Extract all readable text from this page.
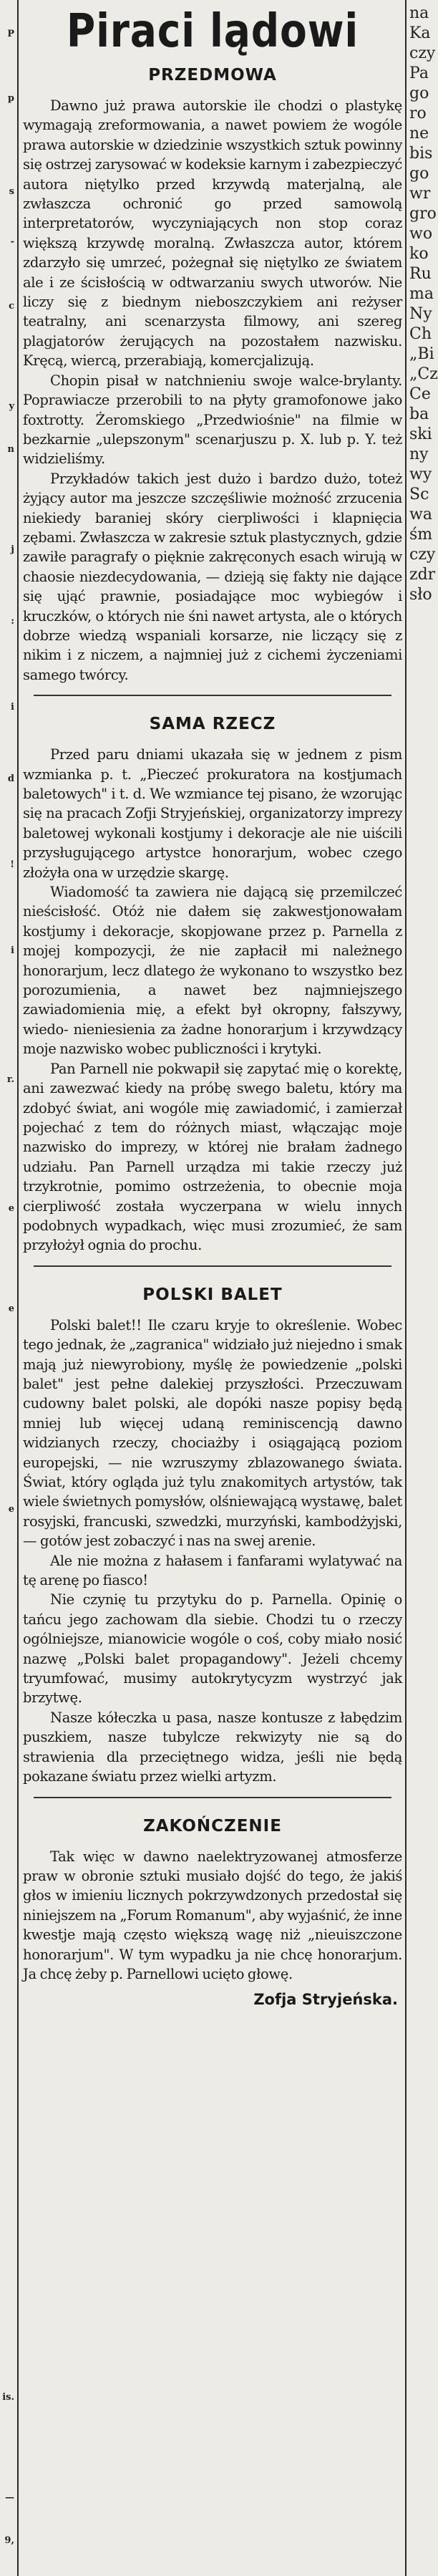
P
p
s
-
c
y
n
j
:
i
d
!
i
r.
e
e
e
is.
—
9,
na
Ka
czy
Pa
go
ro
ne
bis
go
wr
gro
wo
ko
Ru
ma
Ny
Ch
„Bi
„Cz
Ce
ba
ski
ny
wy
Sc
wa
śm
czy
zdr
sło
Piraci lądowi
PRZEDMOWA

Dawno już prawa autorskie ile chodzi o plastykę wymagają zreformowania, a nawet powiem że wogóle prawa autorskie w dziedzinie wszystkich sztuk powinny się ostrzej zarysować w kodeksie karnym i zabezpieczyć autora niętylko przed krzywdą materjalną, ale zwłaszcza ochronić go przed samowolą interpretatorów, wyczyniających non stop coraz większą krzywdę moralną. Zwłaszcza autor, którem zdarzyło się umrzeć, pożegnał się niętylko ze światem ale i ze ścisłością w odtwarzaniu swych utworów. Nie liczy się z biednym nieboszczykiem ani reżyser teatralny, ani scenarzysta filmowy, ani szereg plagjatorów żerujących na pozostałem nazwisku. Kręcą, wiercą, przerabiają, komercjalizują.

Chopin pisał w natchnieniu swoje walce-brylanty. Poprawiacze przerobili to na płyty gramofonowe jako foxtrotty. Żeromskiego „Przedwiośnie" na filmie w bezkarnie „ulepszonym" scenarjuszu p. X. lub p. Y. też widzieliśmy.

Przykładów takich jest dużo i bardzo dużo, toteż żyjący autor ma jeszcze szczęśliwie możność zrzucenia niekiedy baraniej skóry cierpliwości i klapnięcia zębami. Zwłaszcza w zakresie sztuk plastycznych, gdzie zawiłe paragrafy o pięknie zakręconych esach wirują w chaosie niezdecydowania, — dzieją się fakty nie dające się ująć prawnie, posiadające moc wybiegów i kruczków, o których nie śni nawet artysta, ale o których dobrze wiedzą wspaniali korsarze, nie liczący się z nikim i z niczem, a najmniej już z cichemi życzeniami samego twórcy.

SAMA RZECZ

Przed paru dniami ukazała się w jednem z pism wzmianka p. t. „Pieczeć prokuratora na kostjumach baletowych" i t. d. We wzmiance tej pisano, że wzorując się na pracach Zofji Stryjeńskiej, organizatorzy imprezy baletowej wykonali kostjumy i dekoracje ale nie uiścili przysługującego artystce honorarjum, wobec czego złożyła ona w urzędzie skargę.

Wiadomość ta zawiera nie dającą się przemilczeć nieścisłość. Otóż nie dałem się zakwestjonowałam kostjumy i dekoracje, skopjowane przez p. Parnella z mojej kompozycji, że nie zapłacił mi należnego honorarjum, lecz dlatego że wykonano to wszystko bez porozumienia, a nawet bez najmniejszego zawiadomienia mię, a efekt był okropny, fałszywy, wiedo- nieniesienia za żadne honorarjum i krzywdzący moje nazwisko wobec publiczności i krytyki.

Pan Parnell nie pokwapił się zapytać mię o korektę, ani zawezwać kiedy na próbę swego baletu, który ma zdobyć świat, ani wogóle mię zawiadomić, i zamierzał pojechać z tem do różnych miast, włączając moje nazwisko do imprezy, w której nie brałam żadnego udziału. Pan Parnell urządza mi takie rzeczy już trzykrotnie, pomimo ostrzeżenia, to obecnie moja cierpliwość została wyczerpana w wielu innych podobnych wypadkach, więc musi zrozumieć, że sam przyłożył ognia do prochu.

POLSKI BALET

Polski balet!! Ile czaru kryje to określenie. Wobec tego jednak, że „zagranica" widziało już niejedno i smak mają już niewyrobiony, myślę że powiedzenie „polski balet" jest pełne dalekiej przyszłości. Przeczuwam cudowny balet polski, ale dopóki nasze popisy będą mniej lub więcej udaną reminiscencją dawno widzianych rzeczy, chociażby i osiągającą poziom europejski, — nie wzruszymy zblazowanego świata. Świat, który ogląda już tylu znakomitych artystów, tak wiele świetnych pomysłów, olśniewającą wystawę, balet rosyjski, francuski, szwedzki, murzyński, kambodżyjski, — gotów jest zobaczyć i nas na swej arenie.

Ale nie można z hałasem i fanfarami wylatywać na tę arenę po fiasco!

Nie czynię tu przytyku do p. Parnella. Opinię o tańcu jego zachowam dla siebie. Chodzi tu o rzeczy ogólniejsze, mianowicie wogóle o coś, coby miało nosić nazwę „Polski balet propagandowy". Jeżeli chcemy tryumfować, musimy autokrytycyzm wystrzyć jak brzytwę.

Nasze kółeczka u pasa, nasze kontusze z łabędzim puszkiem, nasze tubylcze rekwizyty nie są do strawienia dla przeciętnego widza, jeśli nie będą pokazane światu przez wielki artyzm.

ZAKOŃCZENIE

Tak więc w dawno naelektryzowanej atmosferze praw w obronie sztuki musiało dojść do tego, że jakiś głos w imieniu licznych pokrzywdzonych przedostał się niniejszem na „Forum Romanum", aby wyjaśnić, że inne kwestje mają często większą wagę niż „nieuiszczone honorarjum". W tym wypadku ja nie chcę honorarjum. Ja chcę żeby p. Parnellowi ucięto głowę.

Zofja Stryjeńska.
